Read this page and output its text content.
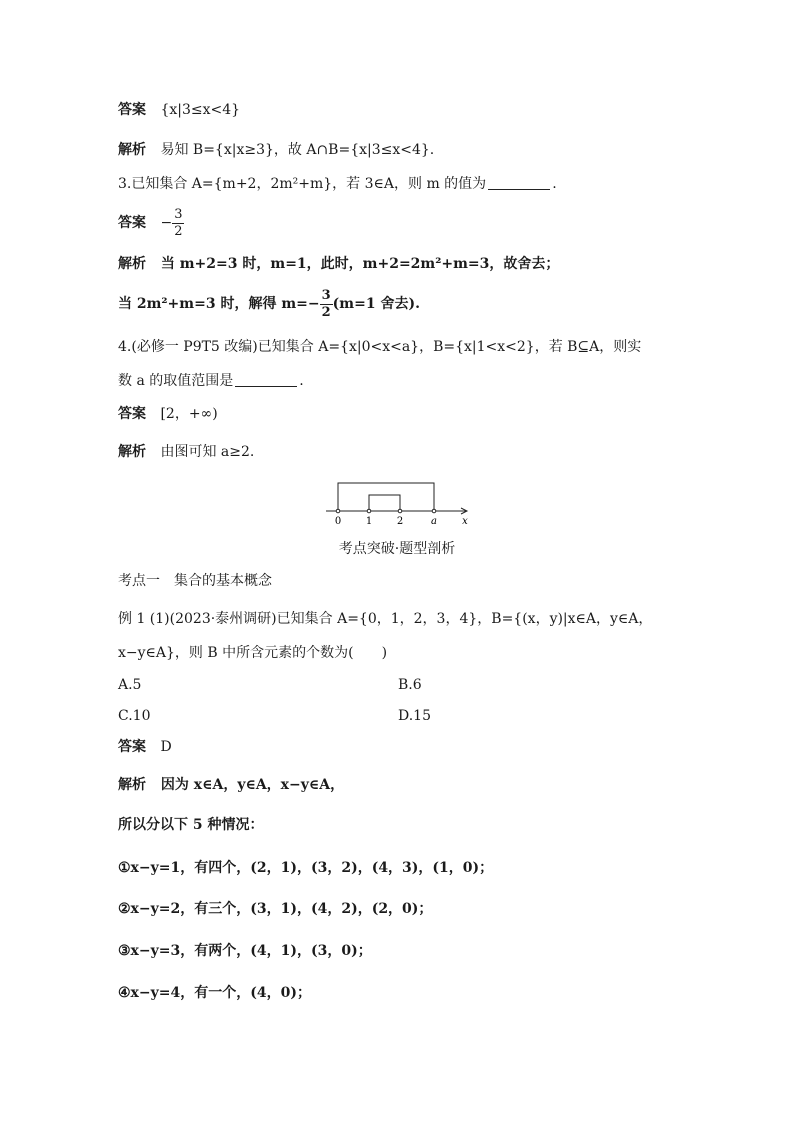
答案 {x|3≤x<4}
解析 易知 B={x|x≥3}，故 A∩B={x|3≤x<4}.
3.已知集合 A={m+2，2m²+m}，若 3∈A，则 m 的值为	.
答案 − $\frac{3}{2}$
解析 当 m+2=3 时，m=1，此时，m+2=2m²+m=3，故舍去；
当 2m²+m=3 时，解得 $m=- \frac{3}{2} (m=1$ 舍去).
4.(必修一 P9T5 改编)已知集合 A={x|0<x<a}，B={x|1<x<2}，若 B⊆A，则实
数 a 的取值范围是	.
答案 [2，+∞)
解析 由图可知 a≥2.
0 1 2	a	x
考点突破·题型剖析
考点一　集合的基本概念
例 1 (1)(2023·泰州调研)已知集合 A={0，1，2，3，4}，B={(x，y)|x∈A，y∈A，
x−y∈A}，则 B 中所含元素的个数为(　　)
A.5	B.6
C.10	D.15
答案 D
解析 因为 x∈A，y∈A，x−y∈A，
所以分以下 5 种情况：
①x−y=1，有四个，(2，1)，(3，2)，(4，3)，(1，0)；
②x−y=2，有三个，(3，1)，(4，2)，(2，0)；
③x−y=3，有两个，(4，1)，(3，0)；
④x−y=4，有一个，(4，0)；
